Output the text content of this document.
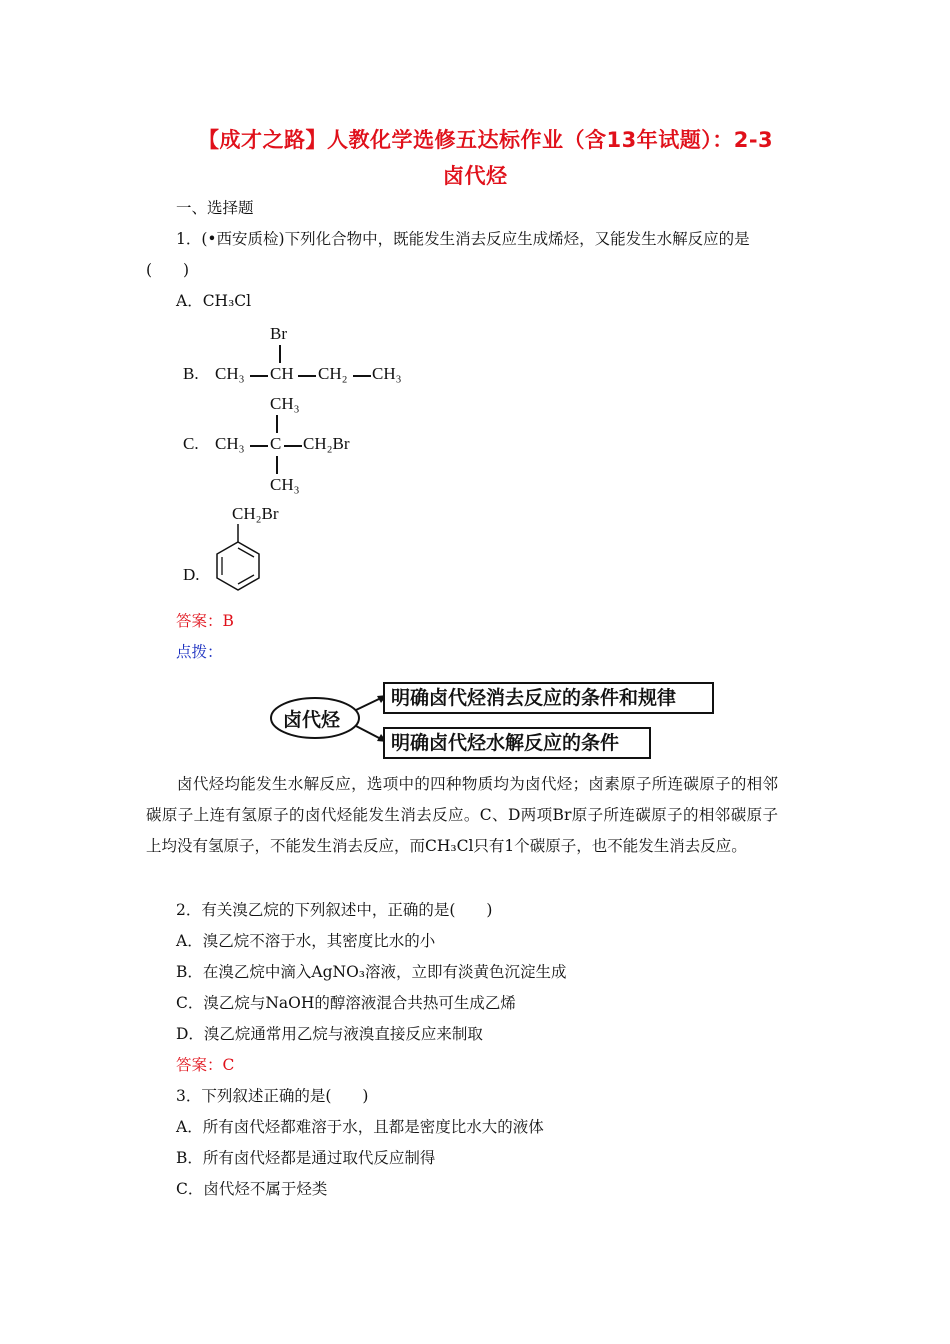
【成才之路】人教化学选修五达标作业（含13年试题）：2-3
卤代烃
一、选择题
1．(•西安质检)下列化合物中，既能发生消去反应生成烯烃，又能发生水解反应的是
(　　)
A．CH₃Cl
B.
Br
CH₃ CH CH₂ CH₃
C.
CH₃
CH₃ C CH₂Br
CH₃
CH₂Br
D.
答案：B
点拨：
卤代烃
明确卤代烃消去反应的条件和规律
明确卤代烃水解反应的条件
卤代烃均能发生水解反应，选项中的四种物质均为卤代烃；卤素原子所连碳原子的相邻碳原子上连有氢原子的卤代烃能发生消去反应。C、D两项Br原子所连碳原子的相邻碳原子上均没有氢原子，不能发生消去反应，而CH₃Cl只有1个碳原子，也不能发生消去反应。
2．有关溴乙烷的下列叙述中，正确的是(　　)
A．溴乙烷不溶于水，其密度比水的小
B．在溴乙烷中滴入AgNO₃溶液，立即有淡黄色沉淀生成
C．溴乙烷与NaOH的醇溶液混合共热可生成乙烯
D．溴乙烷通常用乙烷与液溴直接反应来制取
答案：C
3．下列叙述正确的是(　　)
A．所有卤代烃都难溶于水，且都是密度比水大的液体
B．所有卤代烃都是通过取代反应制得
C．卤代烃不属于烃类
